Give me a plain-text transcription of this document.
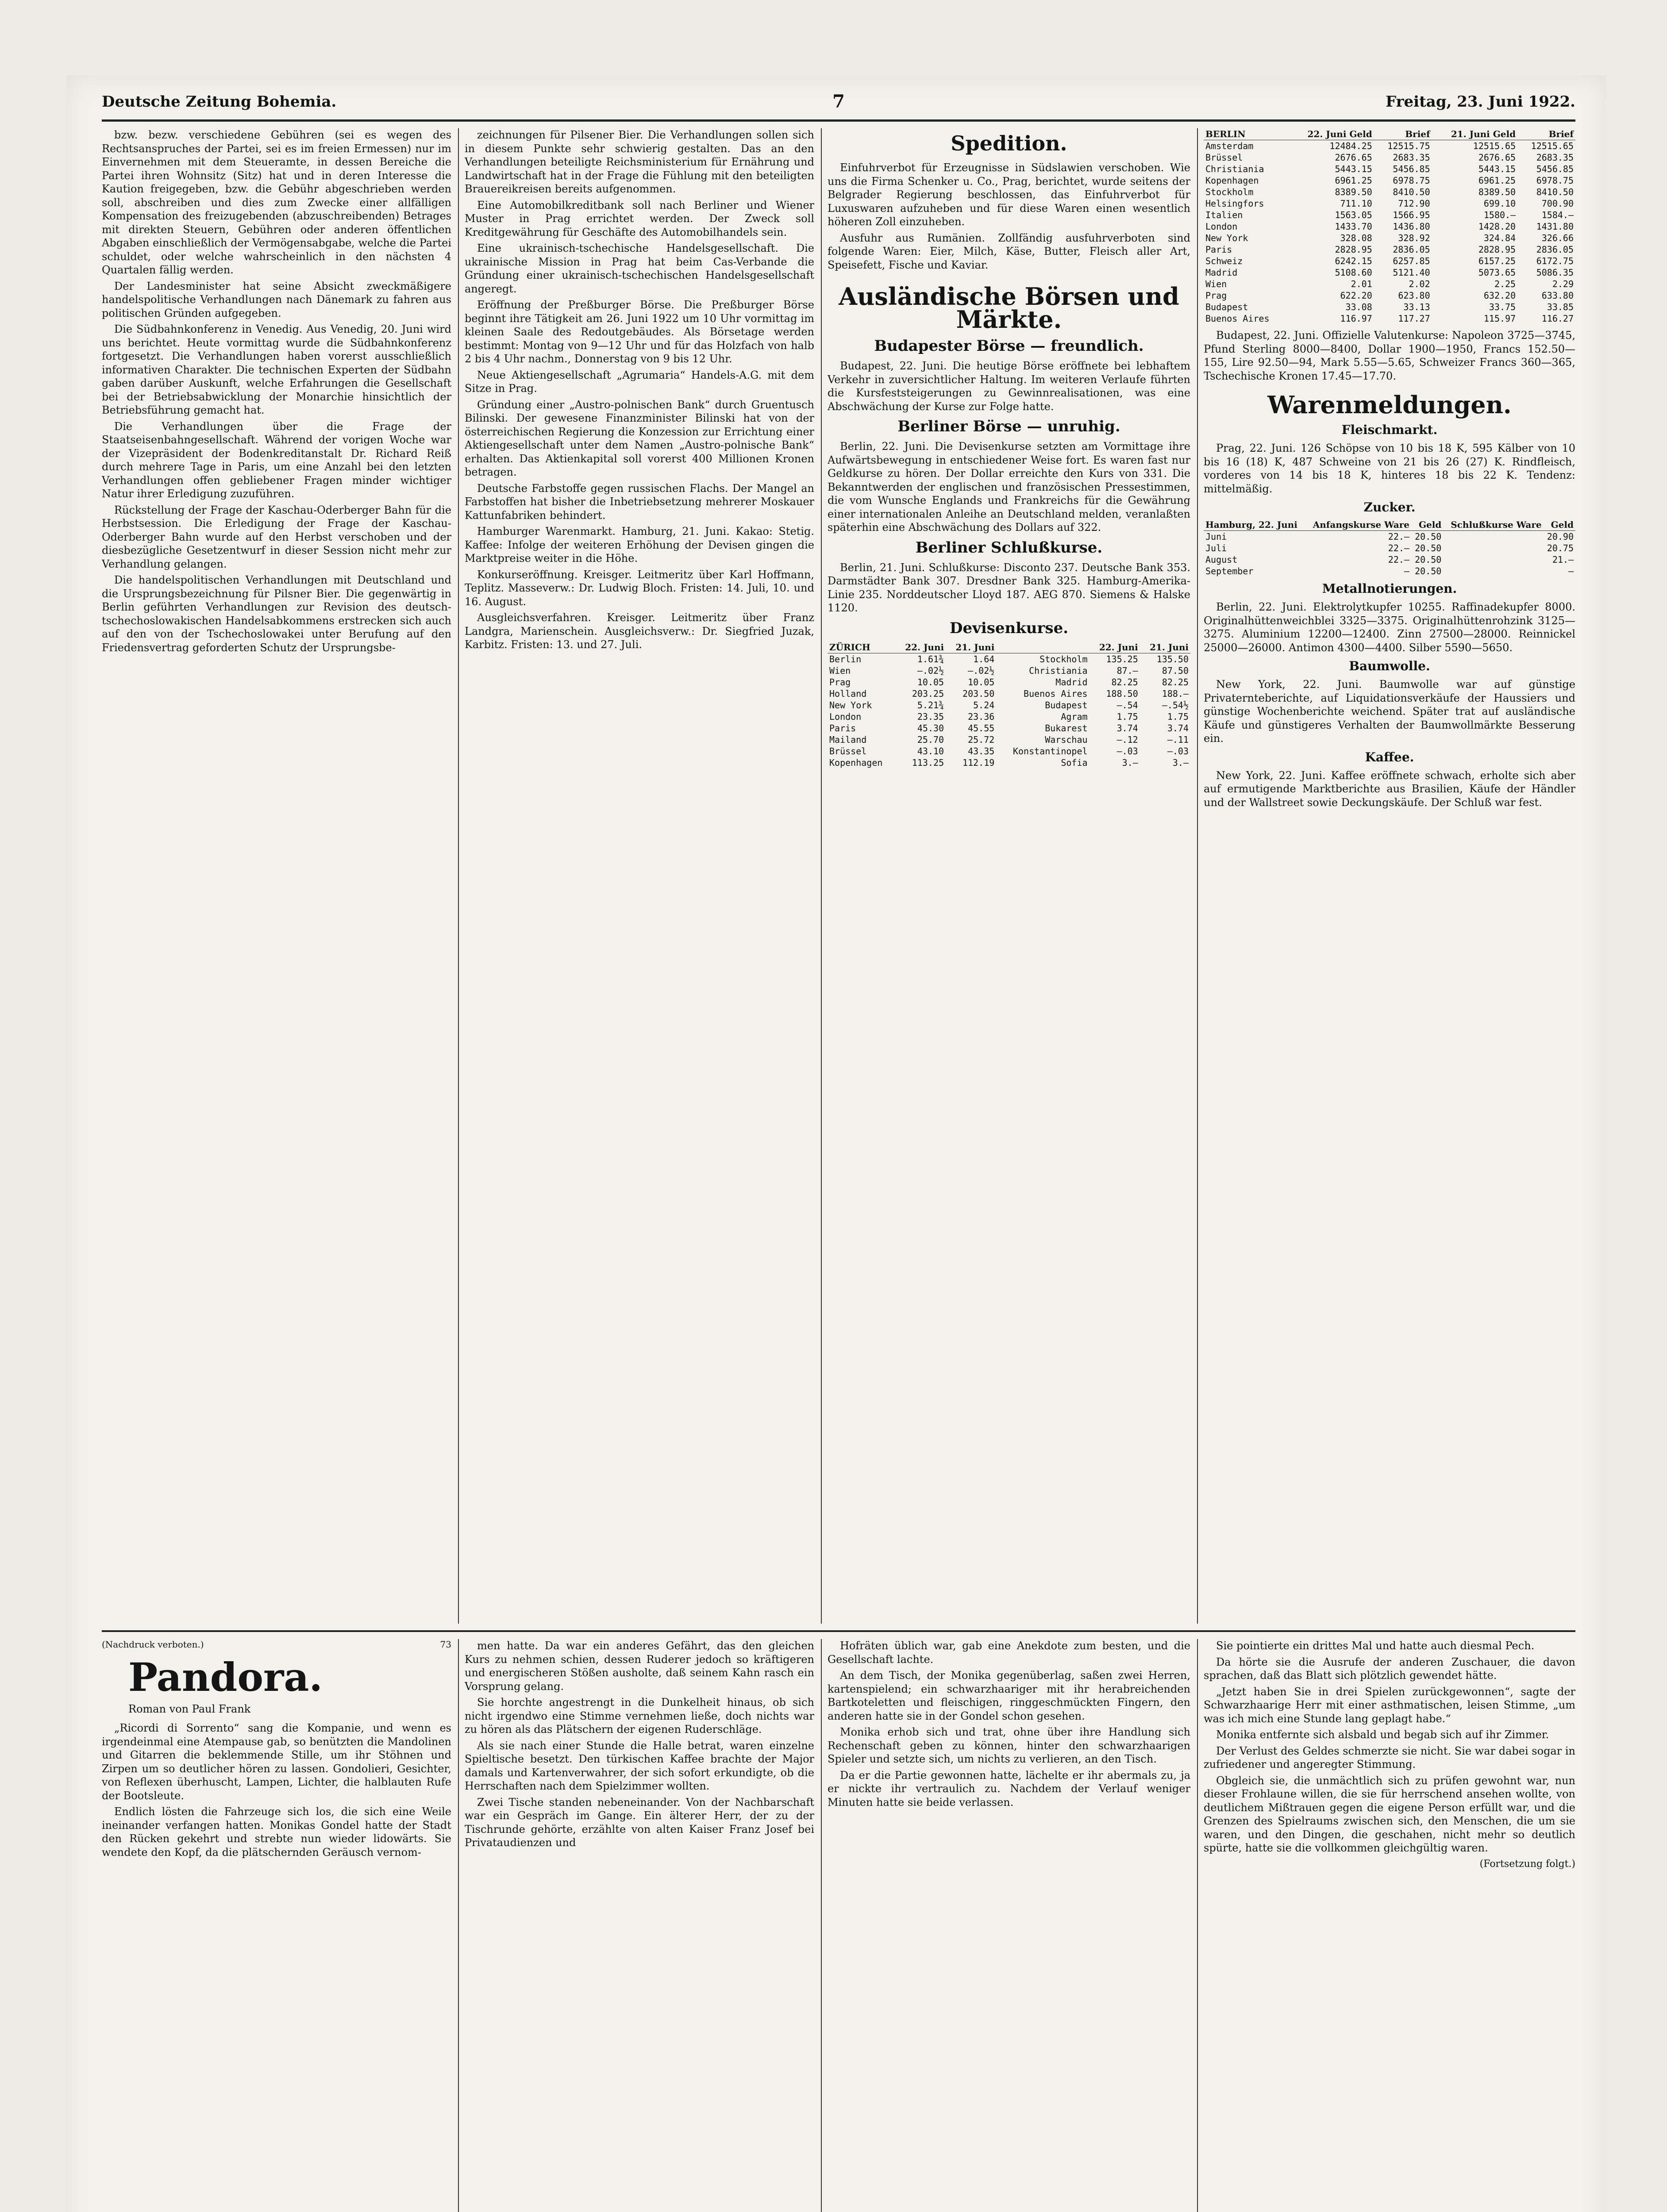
Deutsche Zeitung Bohemia.	7	Freitag, 23. Juni 1922.

bzw. bezw. verschiedene Gebühren (sei es wegen des Rechtsanspruches der Partei, sei es im freien Ermessen) nur im Einvernehmen mit dem Steueramte, in dessen Bereiche die Partei ihren Wohnsitz (Sitz) hat und in deren Interesse die Kaution freigegeben, bzw. die Gebühr abgeschrieben werden soll, abschreiben und dies zum Zwecke einer allfälligen Kompensation des freizugebenden (abzuschreibenden) Betrages mit direkten Steuern, Gebühren oder anderen öffentlichen Abgaben einschließlich der Vermögensabgabe, welche die Partei schuldet, oder welche wahrscheinlich in den nächsten 4 Quartalen fällig werden.

Der Landesminister hat seine Absicht zweckmäßigere handelspolitische Verhandlungen nach Dänemark zu fahren aus politischen Gründen aufgegeben.

Die Südbahnkonferenz in Venedig. Aus Venedig, 20. Juni wird uns berichtet. Heute vormittag wurde die Südbahnkonferenz fortgesetzt. Die Verhandlungen haben vorerst ausschließlich informativen Charakter. Die technischen Experten der Südbahn gaben darüber Auskunft, welche Erfahrungen die Gesellschaft bei der Betriebsabwicklung der Monarchie hinsichtlich der Betriebsführung gemacht hat.

Die Verhandlungen über die Frage der Staatseisenbahngesellschaft. Während der vorigen Woche war der Vizepräsident der Bodenkreditanstalt Dr. Richard Reiß durch mehrere Tage in Paris, um eine Anzahl bei den letzten Verhandlungen offen gebliebener Fragen minder wichtiger Natur ihrer Erledigung zuzuführen.

Rückstellung der Frage der Kaschau-Oderberger Bahn für die Herbstsession. Die Erledigung der Frage der Kaschau-Oderberger Bahn wurde auf den Herbst verschoben und der diesbezügliche Gesetzentwurf in dieser Session nicht mehr zur Verhandlung gelangen.

Die handelspolitischen Verhandlungen mit Deutschland und die Ursprungsbezeichnung für Pilsner Bier. Die gegenwärtig in Berlin geführten Verhandlungen zur Revision des deutsch-tschechoslowakischen Handelsabkommens erstrecken sich auch auf den von der Tschechoslowakei unter Berufung auf den Friedensvertrag geforderten Schutz der Ursprungsbe-

zeichnungen für Pilsener Bier. Die Verhandlungen sollen sich in diesem Punkte sehr schwierig gestalten. Das an den Verhandlungen beteiligte Reichsministerium für Ernährung und Landwirtschaft hat in der Frage die Fühlung mit den beteiligten Brauereikreisen bereits aufgenommen.

Eine Automobilkreditbank soll nach Berliner und Wiener Muster in Prag errichtet werden. Der Zweck soll Kreditgewährung für Geschäfte des Automobilhandels sein.

Eine ukrainisch-tschechische Handelsgesellschaft. Die ukrainische Mission in Prag hat beim Cas-Verbande die Gründung einer ukrainisch-tschechischen Handelsgesellschaft angeregt.

Eröffnung der Preßburger Börse. Die Preßburger Börse beginnt ihre Tätigkeit am 26. Juni 1922 um 10 Uhr vormittag im kleinen Saale des Redoutgebäudes. Als Börsetage werden bestimmt: Montag von 9—12 Uhr und für das Holzfach von halb 2 bis 4 Uhr nachm., Donnerstag von 9 bis 12 Uhr.

Neue Aktiengesellschaft „Agrumaria“ Handels-A.G. mit dem Sitze in Prag.

Gründung einer „Austro-polnischen Bank“ durch Gruentusch Bilinski. Der gewesene Finanzminister Bilinski hat von der österreichischen Regierung die Konzession zur Errichtung einer Aktiengesellschaft unter dem Namen „Austro-polnische Bank“ erhalten. Das Aktienkapital soll vorerst 400 Millionen Kronen betragen.

Deutsche Farbstoffe gegen russischen Flachs. Der Mangel an Farbstoffen hat bisher die Inbetriebsetzung mehrerer Moskauer Kattunfabriken behindert.

Hamburger Warenmarkt. Hamburg, 21. Juni. Kakao: Stetig. Kaffee: Infolge der weiteren Erhöhung der Devisen gingen die Marktpreise weiter in die Höhe.

Konkurseröffnung. Kreisger. Leitmeritz über Karl Hoffmann, Teplitz. Masseverw.: Dr. Ludwig Bloch. Fristen: 14. Juli, 10. und 16. August.

Ausgleichsverfahren. Kreisger. Leitmeritz über Franz Landgra, Marienschein. Ausgleichsverw.: Dr. Siegfried Juzak, Karbitz. Fristen: 13. und 27. Juli.

Spedition.

Einfuhrverbot für Erzeugnisse in Südslawien verschoben. Wie uns die Firma Schenker u. Co., Prag, berichtet, wurde seitens der Belgrader Regierung beschlossen, das Einfuhrverbot für Luxuswaren aufzuheben und für diese Waren einen wesentlich höheren Zoll einzuheben.

Ausfuhr aus Rumänien. Zollfändig ausfuhrverboten sind folgende Waren: Eier, Milch, Käse, Butter, Fleisch aller Art, Speisefett, Fische und Kaviar.

Ausländische Börsen und Märkte.
Budapester Börse — freundlich.

Budapest, 22. Juni. Die heutige Börse eröffnete bei lebhaftem Verkehr in zuversichtlicher Haltung. Im weiteren Verlaufe führten die Kursfeststeigerungen zu Gewinnrealisationen, was eine Abschwächung der Kurse zur Folge hatte.

Berliner Börse — unruhig.

Berlin, 22. Juni. Die Devisenkurse setzten am Vormittage ihre Aufwärtsbewegung in entschiedener Weise fort. Es waren fast nur Geldkurse zu hören. Der Dollar erreichte den Kurs von 331. Die Bekanntwerden der englischen und französischen Pressestimmen, die vom Wunsche Englands und Frankreichs für die Gewährung einer internationalen Anleihe an Deutschland melden, veranlaßten späterhin eine Abschwächung des Dollars auf 322.

Berliner Schlußkurse.

Berlin, 21. Juni. Schlußkurse: Disconto 237. Deutsche Bank 353. Darmstädter Bank 307. Dresdner Bank 325. Hamburg-Amerika-Linie 235. Norddeutscher Lloyd 187. AEG 870. Siemens & Halske 1120.

Devisenkurse.
ZÜRICH	22. Juni	21. Juni		22. Juni	21. Juni
Berlin	1.61¾	1.64	Stockholm	135.25	135.50
Wien	—.02½	—.02½	Christiania	87.—	87.50
Prag	10.05	10.05	Madrid	82.25	82.25
Holland	203.25	203.50	Buenos Aires	188.50	188.—
New York	5.21¾	5.24	Budapest	—.54	—.54½
London	23.35	23.36	Agram	1.75	1.75
Paris	45.30	45.55	Bukarest	3.74	3.74
Mailand	25.70	25.72	Warschau	—.12	—.11
Brüssel	43.10	43.35	Konstantinopel	—.03	—.03
Kopenhagen	113.25	112.19	Sofia	3.—	3.—
BERLIN	22. Juni Geld	Brief	21. Juni Geld	Brief
Amsterdam	12484.25	12515.75	12515.65	12515.65
Brüssel	2676.65	2683.35	2676.65	2683.35
Christiania	5443.15	5456.85	5443.15	5456.85
Kopenhagen	6961.25	6978.75	6961.25	6978.75
Stockholm	8389.50	8410.50	8389.50	8410.50
Helsingfors	711.10	712.90	699.10	700.90
Italien	1563.05	1566.95	1580.—	1584.—
London	1433.70	1436.80	1428.20	1431.80
New York	328.08	328.92	324.84	326.66
Paris	2828.95	2836.05	2828.95	2836.05
Schweiz	6242.15	6257.85	6157.25	6172.75
Madrid	5108.60	5121.40	5073.65	5086.35
Wien	2.01	2.02	2.25	2.29
Prag	622.20	623.80	632.20	633.80
Budapest	33.08	33.13	33.75	33.85
Buenos Aires	116.97	117.27	115.97	116.27

Budapest, 22. Juni. Offizielle Valutenkurse: Napoleon 3725—3745, Pfund Sterling 8000—8400, Dollar 1900—1950, Francs 152.50—155, Lire 92.50—94, Mark 5.55—5.65, Schweizer Francs 360—365, Tschechische Kronen 17.45—17.70.

Warenmeldungen.
Fleischmarkt.

Prag, 22. Juni. 126 Schöpse von 10 bis 18 K, 595 Kälber von 10 bis 16 (18) K, 487 Schweine von 21 bis 26 (27) K. Rindfleisch, vorderes von 14 bis 18 K, hinteres 18 bis 22 K. Tendenz: mittelmäßig.

Zucker.
Hamburg, 22. Juni	Anfangskurse Ware	Geld	Schlußkurse Ware	Geld
Juni	22.—	20.50		20.90
Juli	22.—	20.50		20.75
August	22.—	20.50		21.—
September	—	20.50		—
Metallnotierungen.

Berlin, 22. Juni. Elektrolytkupfer 10255. Raffinadekupfer 8000. Originalhüttenweichblei 3325—3375. Originalhüttenrohzink 3125—3275. Aluminium 12200—12400. Zinn 27500—28000. Reinnickel 25000—26000. Antimon 4300—4400. Silber 5590—5650.

Baumwolle.

New York, 22. Juni. Baumwolle war auf günstige Privaternteberichte, auf Liquidationsverkäufe der Haussiers und günstige Wochenberichte weichend. Später trat auf ausländische Käufe und günstigeres Verhalten der Baumwollmärkte Besserung ein.

Kaffee.

New York, 22. Juni. Kaffee eröffnete schwach, erholte sich aber auf ermutigende Marktberichte aus Brasilien, Käufe der Händler und der Wallstreet sowie Deckungskäufe. Der Schluß war fest.

(Nachdruck verboten.)	73
Pandora.
Roman von Paul Frank

„Ricordi di Sorrento“ sang die Kompanie, und wenn es irgendeinmal eine Atempause gab, so benützten die Mandolinen und Gitarren die beklemmende Stille, um ihr Stöhnen und Zirpen um so deutlicher hören zu lassen. Gondolieri, Gesichter, von Reflexen überhuscht, Lampen, Lichter, die halblauten Rufe der Bootsleute.

Endlich lösten die Fahrzeuge sich los, die sich eine Weile ineinander verfangen hatten. Monikas Gondel hatte der Stadt den Rücken gekehrt und strebte nun wieder lidowärts. Sie wendete den Kopf, da die plätschernden Geräusch vernom-

men hatte. Da war ein anderes Gefährt, das den gleichen Kurs zu nehmen schien, dessen Ruderer jedoch so kräftigeren und energischeren Stößen ausholte, daß seinem Kahn rasch ein Vorsprung gelang.

Sie horchte angestrengt in die Dunkelheit hinaus, ob sich nicht irgendwo eine Stimme vernehmen ließe, doch nichts war zu hören als das Plätschern der eigenen Ruderschläge.

Als sie nach einer Stunde die Halle betrat, waren einzelne Spieltische besetzt. Den türkischen Kaffee brachte der Major damals und Kartenverwahrer, der sich sofort erkundigte, ob die Herrschaften nach dem Spielzimmer wollten.

Zwei Tische standen nebeneinander. Von der Nachbarschaft war ein Gespräch im Gange. Ein älterer Herr, der zu der Tischrunde gehörte, erzählte von alten Kaiser Franz Josef bei Privataudienzen und

Hofräten üblich war, gab eine Anekdote zum besten, und die Gesellschaft lachte.

An dem Tisch, der Monika gegenüberlag, saßen zwei Herren, kartenspielend; ein schwarzhaariger mit ihr herabreichenden Bartkoteletten und fleischigen, ringgeschmückten Fingern, den anderen hatte sie in der Gondel schon gesehen.

Monika erhob sich und trat, ohne über ihre Handlung sich Rechenschaft geben zu können, hinter den schwarzhaarigen Spieler und setzte sich, um nichts zu verlieren, an den Tisch.

Da er die Partie gewonnen hatte, lächelte er ihr abermals zu, ja er nickte ihr vertraulich zu. Nachdem der Verlauf weniger Minuten hatte sie beide verlassen.

Sie pointierte ein drittes Mal und hatte auch diesmal Pech.

Da hörte sie die Ausrufe der anderen Zuschauer, die davon sprachen, daß das Blatt sich plötzlich gewendet hätte.

„Jetzt haben Sie in drei Spielen zurückgewonnen“, sagte der Schwarzhaarige Herr mit einer asthmatischen, leisen Stimme, „um was ich mich eine Stunde lang geplagt habe.“

Monika entfernte sich alsbald und begab sich auf ihr Zimmer.

Der Verlust des Geldes schmerzte sie nicht. Sie war dabei sogar in zufriedener und angeregter Stimmung.

Obgleich sie, die unmächtlich sich zu prüfen gewohnt war, nun dieser Frohlaune willen, die sie für herrschend ansehen wollte, von deutlichem Mißtrauen gegen die eigene Person erfüllt war, und die Grenzen des Spielraums zwischen sich, den Menschen, die um sie waren, und den Dingen, die geschahen, nicht mehr so deutlich spürte, hatte sie die vollkommen gleichgültig waren.

(Fortsetzung folgt.)
